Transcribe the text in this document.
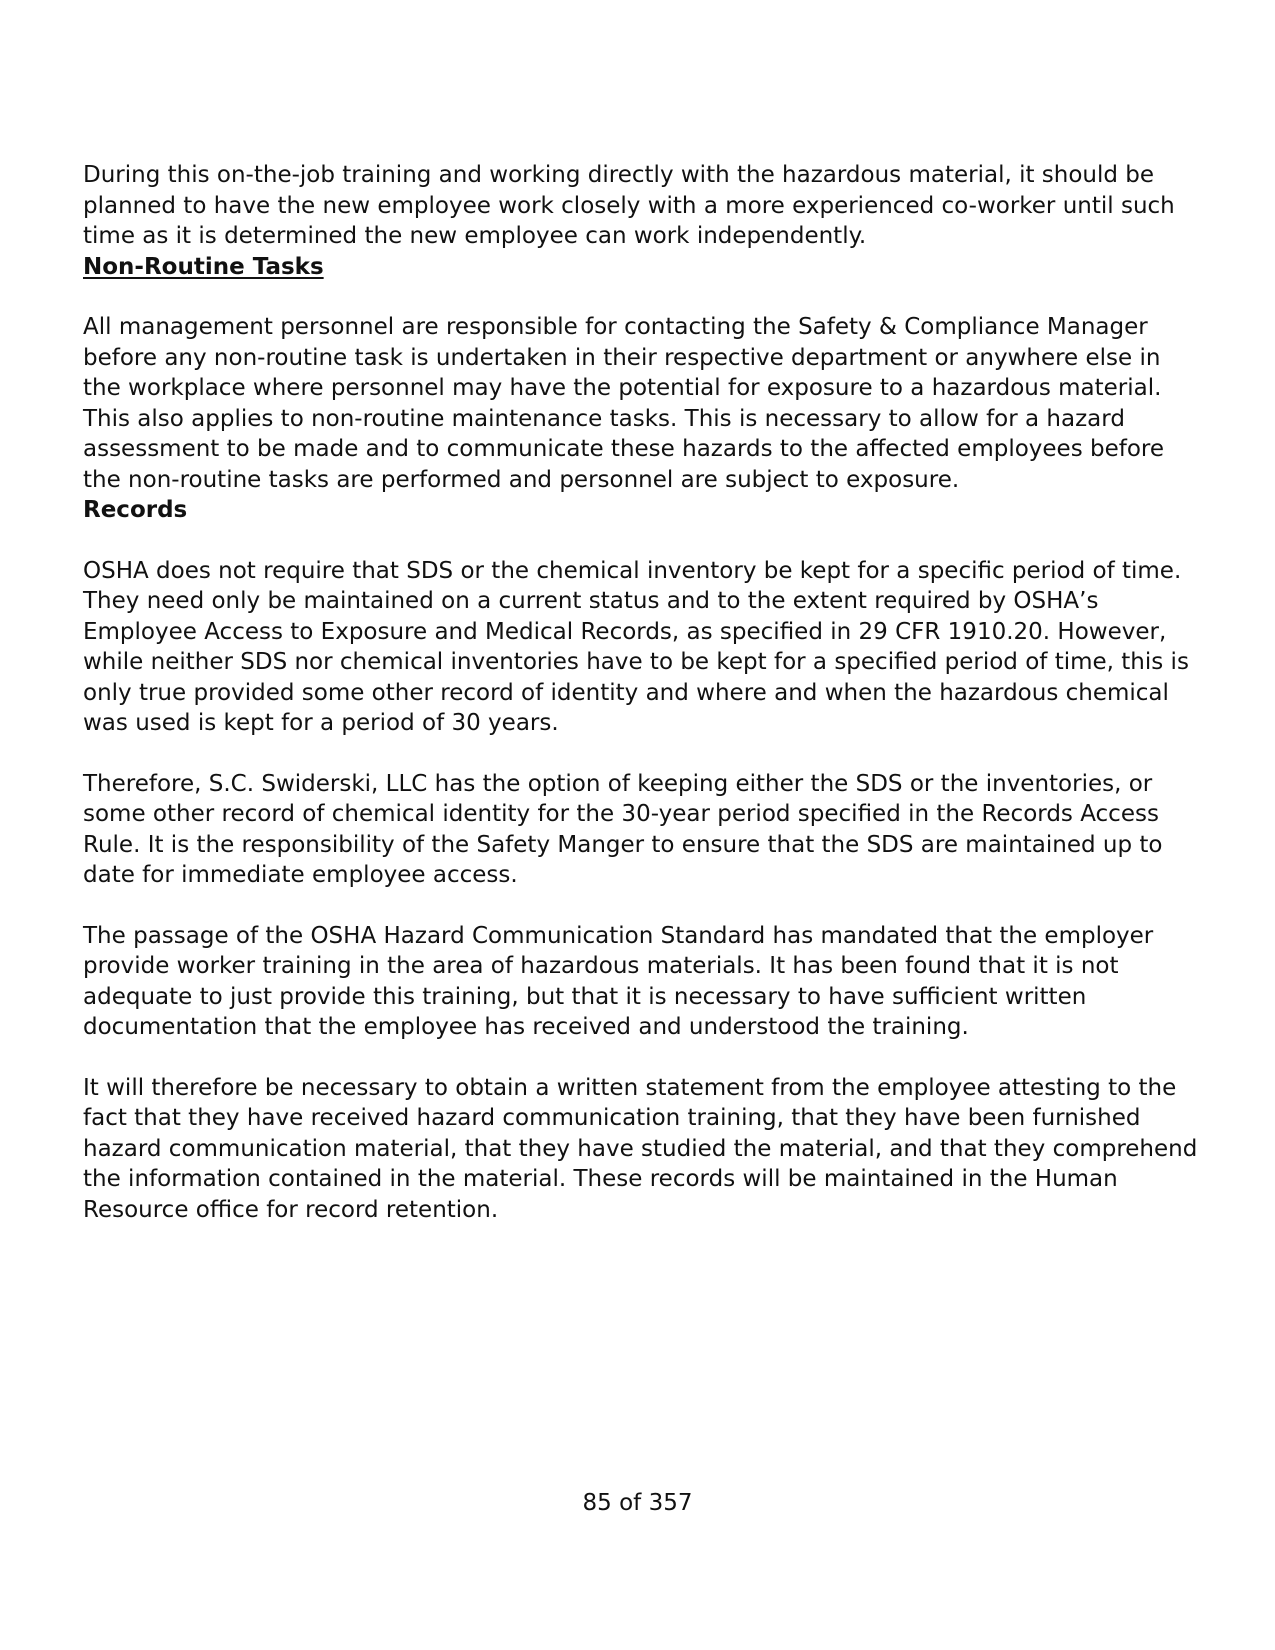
During this on-the-job training and working directly with the hazardous material, it should be planned to have the new employee work closely with a more experienced co-worker until such time as it is determined the new employee can work independently.

Non-Routine Tasks

All management personnel are responsible for contacting the Safety & Compliance Manager before any non-routine task is undertaken in their respective department or anywhere else in the workplace where personnel may have the potential for exposure to a hazardous material. This also applies to non-routine maintenance tasks. This is necessary to allow for a hazard assessment to be made and to communicate these hazards to the affected employees before the non-routine tasks are performed and personnel are subject to exposure.

Records

OSHA does not require that SDS or the chemical inventory be kept for a specific period of time. They need only be maintained on a current status and to the extent required by OSHA’s Employee Access to Exposure and Medical Records, as specified in 29 CFR 1910.20. However, while neither SDS nor chemical inventories have to be kept for a specified period of time, this is only true provided some other record of identity and where and when the hazardous chemical was used is kept for a period of 30 years.

Therefore, S.C. Swiderski, LLC has the option of keeping either the SDS or the inventories, or some other record of chemical identity for the 30-year period specified in the Records Access Rule. It is the responsibility of the Safety Manger to ensure that the SDS are maintained up to date for immediate employee access.

The passage of the OSHA Hazard Communication Standard has mandated that the employer provide worker training in the area of hazardous materials. It has been found that it is not adequate to just provide this training, but that it is necessary to have sufficient written documentation that the employee has received and understood the training.

It will therefore be necessary to obtain a written statement from the employee attesting to the fact that they have received hazard communication training, that they have been furnished hazard communication material, that they have studied the material, and that they comprehend the information contained in the material. These records will be maintained in the Human Resource office for record retention.

85 of 357
